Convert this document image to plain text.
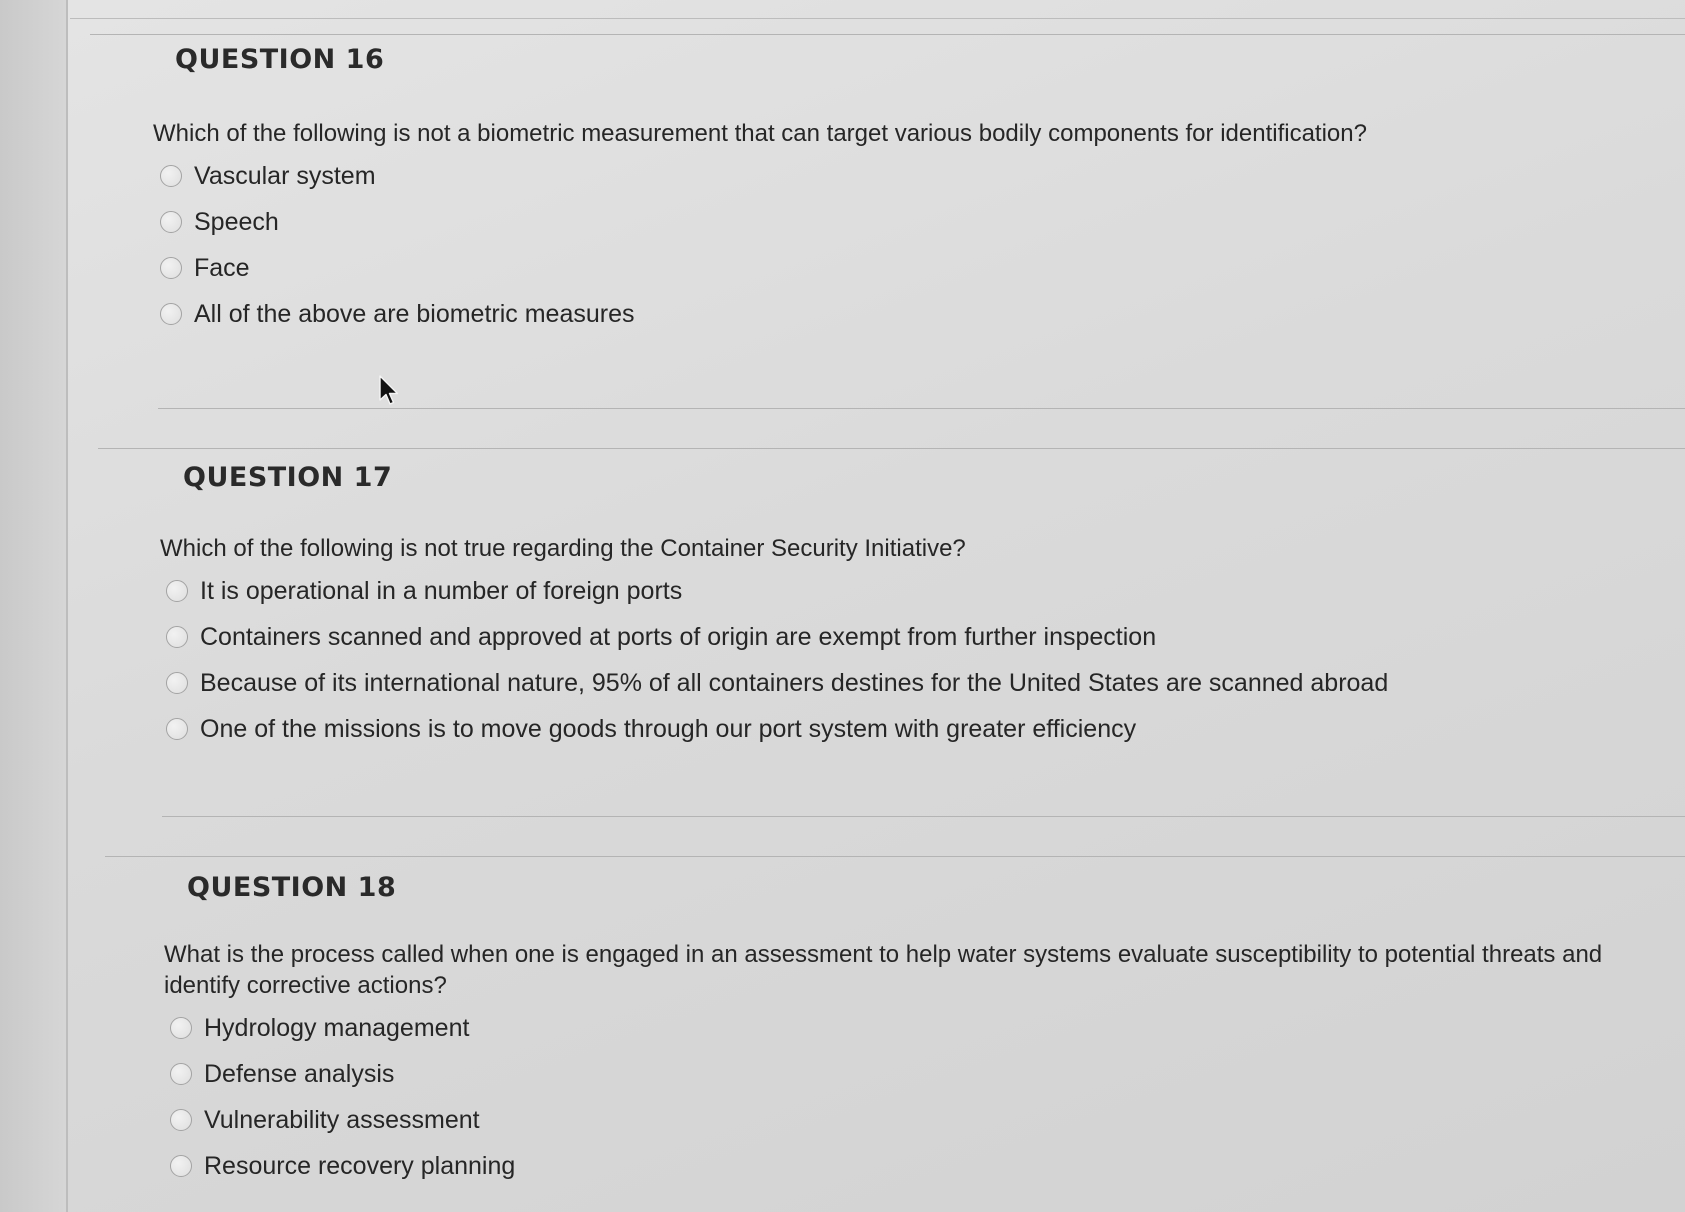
QUESTION 16
Which of the following is not a biometric measurement that can target various bodily components for identification?
Vascular system
Speech
Face
All of the above are biometric measures
QUESTION 17
Which of the following is not true regarding the Container Security Initiative?
It is operational in a number of foreign ports
Containers scanned and approved at ports of origin are exempt from further inspection
Because of its international nature, 95% of all containers destines for the United States are scanned abroad
One of the missions is to move goods through our port system with greater efficiency
QUESTION 18
What is the process called when one is engaged in an assessment to help water systems evaluate susceptibility to potential threats and identify corrective actions?
Hydrology management
Defense analysis
Vulnerability assessment
Resource recovery planning
